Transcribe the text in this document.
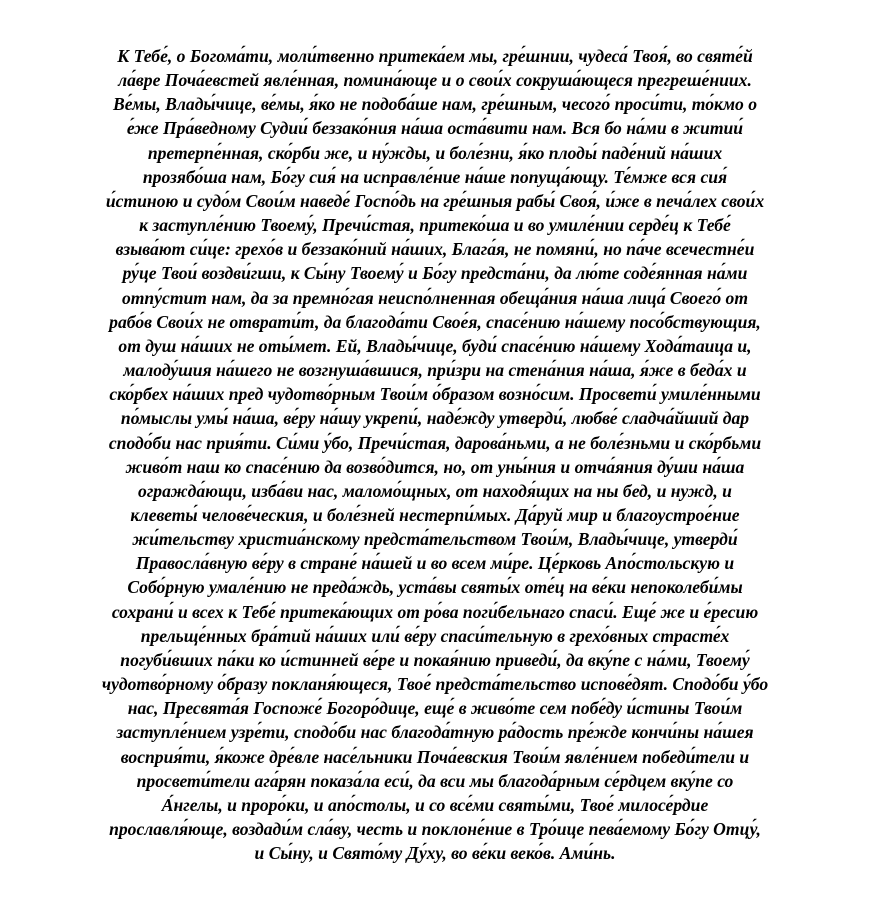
К Тебе́, о Богома́ти, моли́твенно притека́ем мы, гре́шнии, чудеса́ Твоя́, во святе́й
ла́вре Поча́евстей явле́нная, помина́юще и о свои́х сокруша́ющеся прегреше́ниих.
Ве́мы, Влады́чице, ве́мы, я́ко не подоба́ше нам, гре́шным, чесого́ проси́ти, то́кмо о
е́же Пра́ведному Судии́ беззако́ния на́ша оста́вити нам. Вся бо на́ми в житии́
претерпе́нная, ско́рби же, и ну́жды, и боле́зни, я́ко плоды́ паде́ний на́ших
прозябо́ша нам, Бо́гу сия́ на исправле́ние на́ше попуща́ющу. Те́мже вся сия́
и́стиною и судо́м Свои́м наведе́ Госпо́дь на гре́шныя рабы́ Своя́, и́же в печа́лех свои́х
к заступле́нию Твоему́, Пречи́стая, притеко́ша и во умиле́нии серде́ц к Тебе́
взыва́ют си́це: грехо́в и беззако́ний на́ших, Блага́я, не помяни́, но па́че всечестне́и
ру́це Твои́ воздви́гши, к Сы́ну Твоему́ и Бо́гу предста́ни, да лю́те соде́янная на́ми
отпу́стит нам, да за премно́гая неиспо́лненная обеща́ния на́ша лица́ Своего́ от
рабо́в Свои́х не отврати́т, да благода́ти Свое́я, спасе́нию на́шему посо́бствующия,
от душ на́ших не оты́мет. Ей, Влады́чице, буди́ спасе́нию на́шему Хода́таица и,
малоду́шия на́шего не возгнуша́вшися, при́зри на стена́ния на́ша, я́же в беда́х и
ско́рбех на́ших пред чудотво́рным Твои́м о́бразом возно́сим. Просвети́ умиле́нными
по́мыслы умы́ на́ша, ве́ру на́шу укрепи́, наде́жду утверди́, любве́ сладча́йший дар
сподо́би нас прия́ти. Си́ми у́бо, Пречи́стая, дарова́ньми, а не боле́зньми и ско́рбьми
живо́т наш ко спасе́нию да возво́дится, но, от уны́ния и отча́яния ду́ши на́ша
огражда́ющи, изба́ви нас, маломо́щных, от находя́щих на ны бед, и нужд, и
клеветы́ челове́ческия, и боле́зней нестерпи́мых. Да́руй мир и благоустрое́ние
жи́тельству христиа́нскому предста́тельством Твои́м, Влады́чице, утверди́
Правосла́вную ве́ру в стране́ на́шей и во всем ми́ре. Це́рковь Апо́стольскую и
Собо́рную умале́нию не преда́ждь, уста́вы святы́х оте́ц на ве́ки непоколеби́мы
сохрани́ и всех к Тебе́ притека́ющих от ро́ва поги́бельнаго спаси́. Еще́ же и е́ресию
прельще́нных бра́тий на́ших или́ ве́ру спаси́тельную в грехо́вных страсте́х
погуби́вших па́ки ко и́стинней ве́ре и покая́нию приведи́, да вку́пе с на́ми, Твоему́
чудотво́рному о́бразу покланя́ющеся, Твое́ предста́тельство испове́дят. Сподо́би у́бо
нас, Пресвята́я Госпоже́ Богоро́дице, еще́ в живо́те сем побе́ду и́стины Твои́м
заступле́нием узре́ти, сподо́би нас благода́тную ра́дость пре́жде кончи́ны на́шея
восприя́ти, я́коже дре́вле насе́льники Поча́евския Твои́м явле́нием победи́тели и
просвети́тели ага́рян показа́ла еси́, да вси мы благода́рным се́рдцем вку́пе со
А́нгелы, и проро́ки, и апо́столы, и со все́ми святы́ми, Твое́ милосе́рдие
прославля́юще, воздади́м сла́ву, честь и поклоне́ние в Тро́ице пева́емому Бо́гу Отцу́,
и Сы́ну, и Свято́му Ду́ху, во ве́ки веко́в. Ами́нь.
